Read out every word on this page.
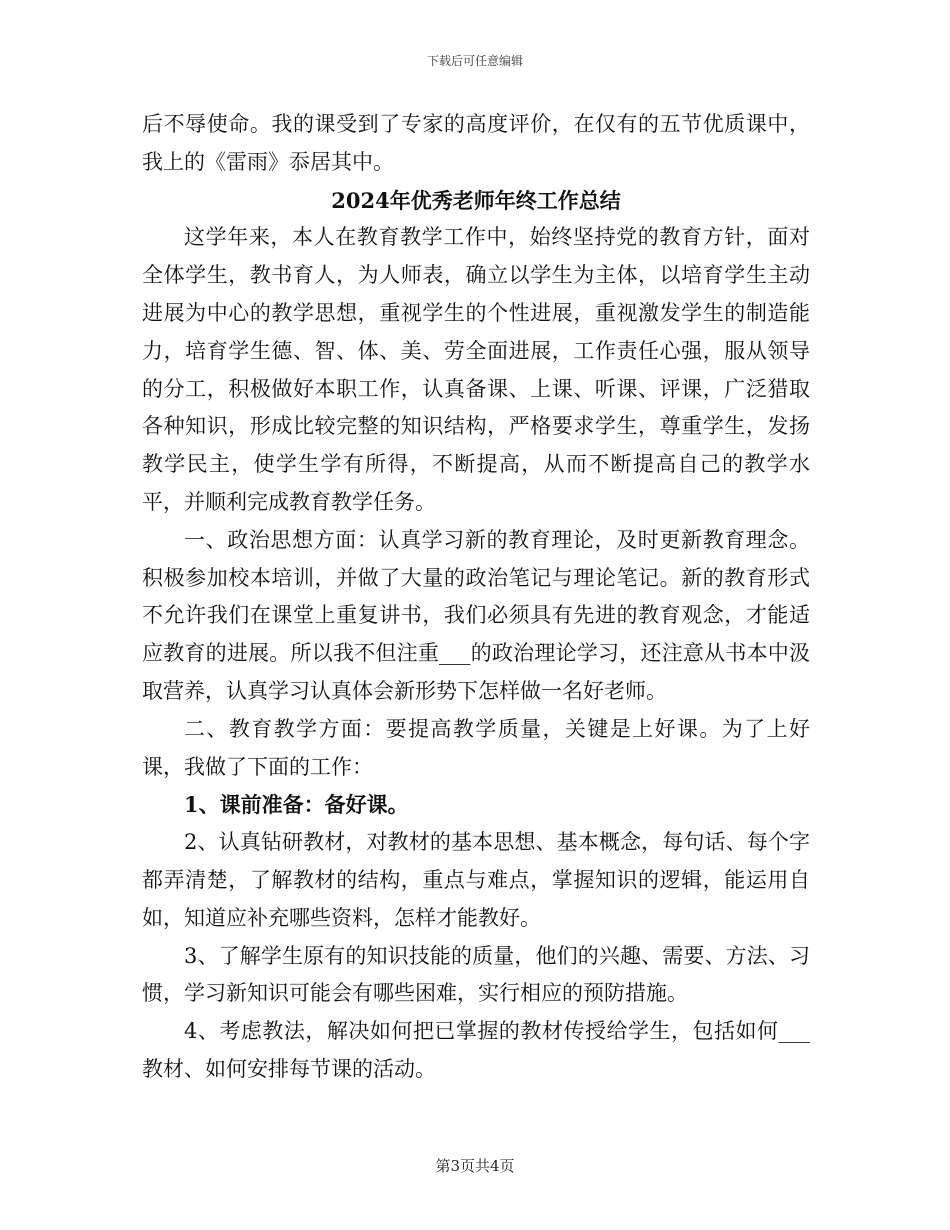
下载后可任意编辑

后不辱使命。我的课受到了专家的高度评价，在仅有的五节优质课中，我上的《雷雨》忝居其中。

2024年优秀老师年终工作总结

这学年来，本人在教育教学工作中，始终坚持党的教育方针，面对全体学生，教书育人，为人师表，确立以学生为主体，以培育学生主动进展为中心的教学思想，重视学生的个性进展，重视激发学生的制造能力，培育学生德、智、体、美、劳全面进展，工作责任心强，服从领导的分工，积极做好本职工作，认真备课、上课、听课、评课，广泛猎取各种知识，形成比较完整的知识结构，严格要求学生，尊重学生，发扬教学民主，使学生学有所得，不断提高，从而不断提高自己的教学水平，并顺利完成教育教学任务。

一、政治思想方面：认真学习新的教育理论，及时更新教育理念。积极参加校本培训，并做了大量的政治笔记与理论笔记。新的教育形式不允许我们在课堂上重复讲书，我们必须具有先进的教育观念，才能适应教育的进展。所以我不但注重___的政治理论学习，还注意从书本中汲取营养，认真学习认真体会新形势下怎样做一名好老师。

二、教育教学方面：要提高教学质量，关键是上好课。为了上好课，我做了下面的工作：

1、课前准备：备好课。

2、认真钻研教材，对教材的基本思想、基本概念，每句话、每个字都弄清楚，了解教材的结构，重点与难点，掌握知识的逻辑，能运用自如，知道应补充哪些资料，怎样才能教好。

3、了解学生原有的知识技能的质量，他们的兴趣、需要、方法、习惯，学习新知识可能会有哪些困难，实行相应的预防措施。

4、考虑教法，解决如何把已掌握的教材传授给学生，包括如何___教材、如何安排每节课的活动。

第3页共4页
